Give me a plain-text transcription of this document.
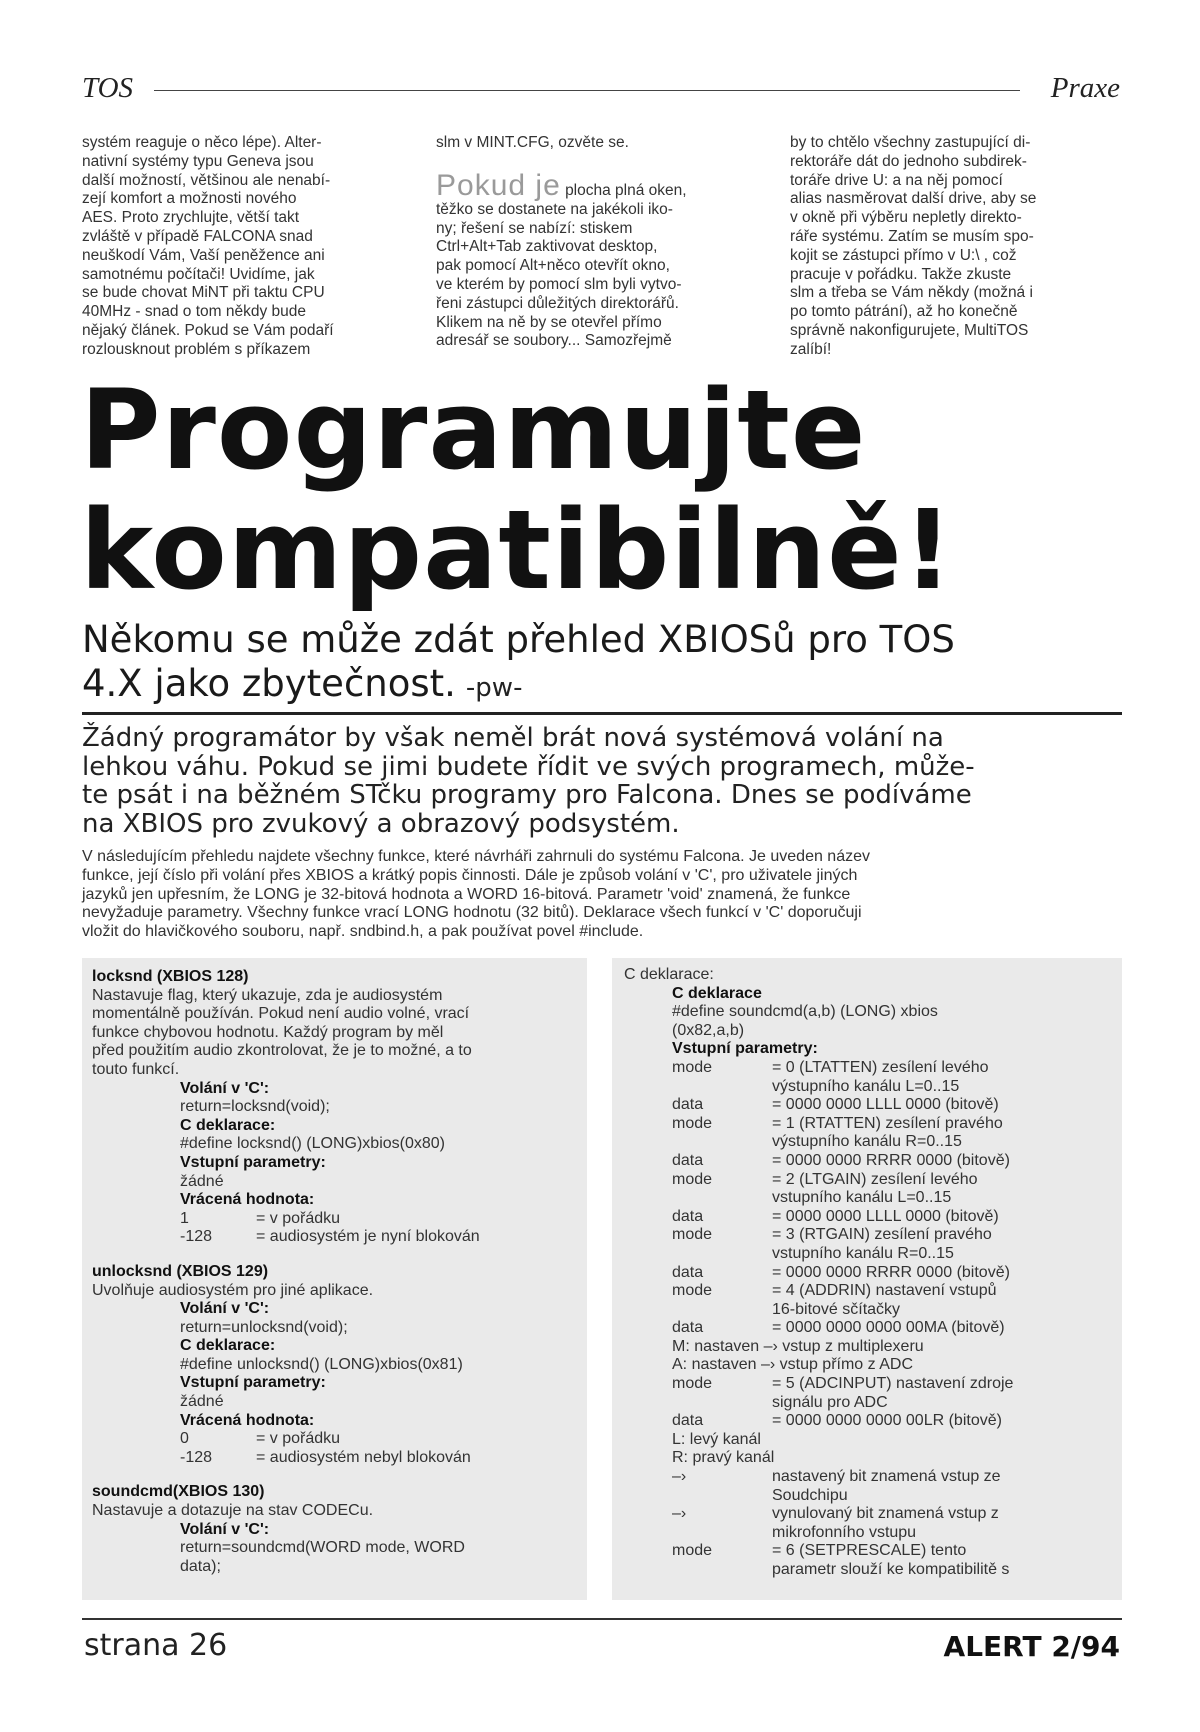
TOS	Praxe
systém reaguje o něco lépe). Alter-
nativní systémy typu Geneva jsou
další možností, většinou ale nenabí-
zejí komfort a možnosti nového
AES. Proto zrychlujte, větší takt
zvláště v případě FALCONA snad
neuškodí Vám, Vaší peněžence ani
samotnému počítači! Uvidíme, jak
se bude chovat MiNT při taktu CPU
40MHz - snad o tom někdy bude
nějaký článek. Pokud se Vám podaří
rozlousknout problém s příkazem

slm v MINT.CFG, ozvěte se.

Pokud je plocha plná oken,

těžko se dostanete na jakékoli iko-
ny; řešení se nabízí: stiskem
Ctrl+Alt+Tab zaktivovat desktop,
pak pomocí Alt+něco otevřít okno,
ve kterém by pomocí slm byli vytvo-
řeni zástupci důležitých direktorářů.
Klikem na ně by se otevřel přímo
adresář se soubory... Samozřejmě
by to chtělo všechny zastupující di-
rektoráře dát do jednoho subdirek-
toráře drive U: a na něj pomocí
alias nasměrovat další drive, aby se
v okně při výběru nepletly direkto-
ráře systému. Zatím se musím spo-
kojit se zástupci přímo v U:\ , což
pracuje v pořádku. Takže zkuste
slm a třeba se Vám někdy (možná i
po tomto pátrání), až ho konečně
správně nakonfigurujete, MultiTOS
zalíbí!
Programujte
kompatibilně!
Někomu se může zdát přehled XBIOSů pro TOS
4.X jako zbytečnost. -pw-
Žádný programátor by však neměl brát nová systémová volání na
lehkou váhu. Pokud se jimi budete řídit ve svých programech, může-
te psát i na běžném STčku programy pro Falcona. Dnes se podíváme
na XBIOS pro zvukový a obrazový podsystém.
V následujícím přehledu najdete všechny funkce, které návrháři zahrnuli do systému Falcona. Je uveden název
funkce, její číslo při volání přes XBIOS a krátký popis činnosti. Dále je způsob volání v 'C', pro uživatele jiných
jazyků jen upřesním, že LONG je 32-bitová hodnota a WORD 16-bitová. Parametr 'void' znamená, že funkce
nevyžaduje parametry. Všechny funkce vrací LONG hodnotu (32 bitů). Deklarace všech funkcí v 'C' doporučuji
vložit do hlavičkového souboru, např. sndbind.h, a pak používat povel #include.
locksnd (XBIOS 128)
Nastavuje flag, který ukazuje, zda je audiosystém
momentálně používán. Pokud není audio volné, vrací
funkce chybovou hodnotu. Každý program by měl
před použitím audio zkontrolovat, že je to možné, a to
touto funkcí.
Volání v 'C':
return=locksnd(void);
C deklarace:
#define locksnd() (LONG)xbios(0x80)
Vstupní parametry:
žádné
Vrácená hodnota:
1	= v pořádku
-128	= audiosystém je nyní blokován
unlocksnd (XBIOS 129)
Uvolňuje audiosystém pro jiné aplikace.
Volání v 'C':
return=unlocksnd(void);
C deklarace:
#define unlocksnd() (LONG)xbios(0x81)
Vstupní parametry:
žádné
Vrácená hodnota:
0	= v pořádku
-128	= audiosystém nebyl blokován
soundcmd(XBIOS 130)
Nastavuje a dotazuje na stav CODECu.
Volání v 'C':
return=soundcmd(WORD mode, WORD
data);
C deklarace:
C deklarace
#define soundcmd(a,b) (LONG) xbios
(0x82,a,b)
Vstupní parametry:
mode	= 0 (LTATTEN) zesílení levého
výstupního kanálu L=0..15
data	= 0000 0000 LLLL 0000 (bitově)
mode	= 1 (RTATTEN) zesílení pravého
výstupního kanálu R=0..15
data	= 0000 0000 RRRR 0000 (bitově)
mode	= 2 (LTGAIN) zesílení levého
vstupního kanálu L=0..15
data	= 0000 0000 LLLL 0000 (bitově)
mode	= 3 (RTGAIN) zesílení pravého
vstupního kanálu R=0..15
data	= 0000 0000 RRRR 0000 (bitově)
mode	= 4 (ADDRIN) nastavení vstupů
16-bitové sčítačky
data	= 0000 0000 0000 00MA (bitově)
M: nastaven –› vstup z multiplexeru
A: nastaven –› vstup přímo z ADC
mode	= 5 (ADCINPUT) nastavení zdroje
signálu pro ADC
data	= 0000 0000 0000 00LR (bitově)
L: levý kanál
R: pravý kanál
–›	nastavený bit znamená vstup ze
Soudchipu
–›	vynulovaný bit znamená vstup z
mikrofonního vstupu
mode	= 6 (SETPRESCALE) tento
parametr slouží ke kompatibilitě s
strana 26	ALERT 2/94
